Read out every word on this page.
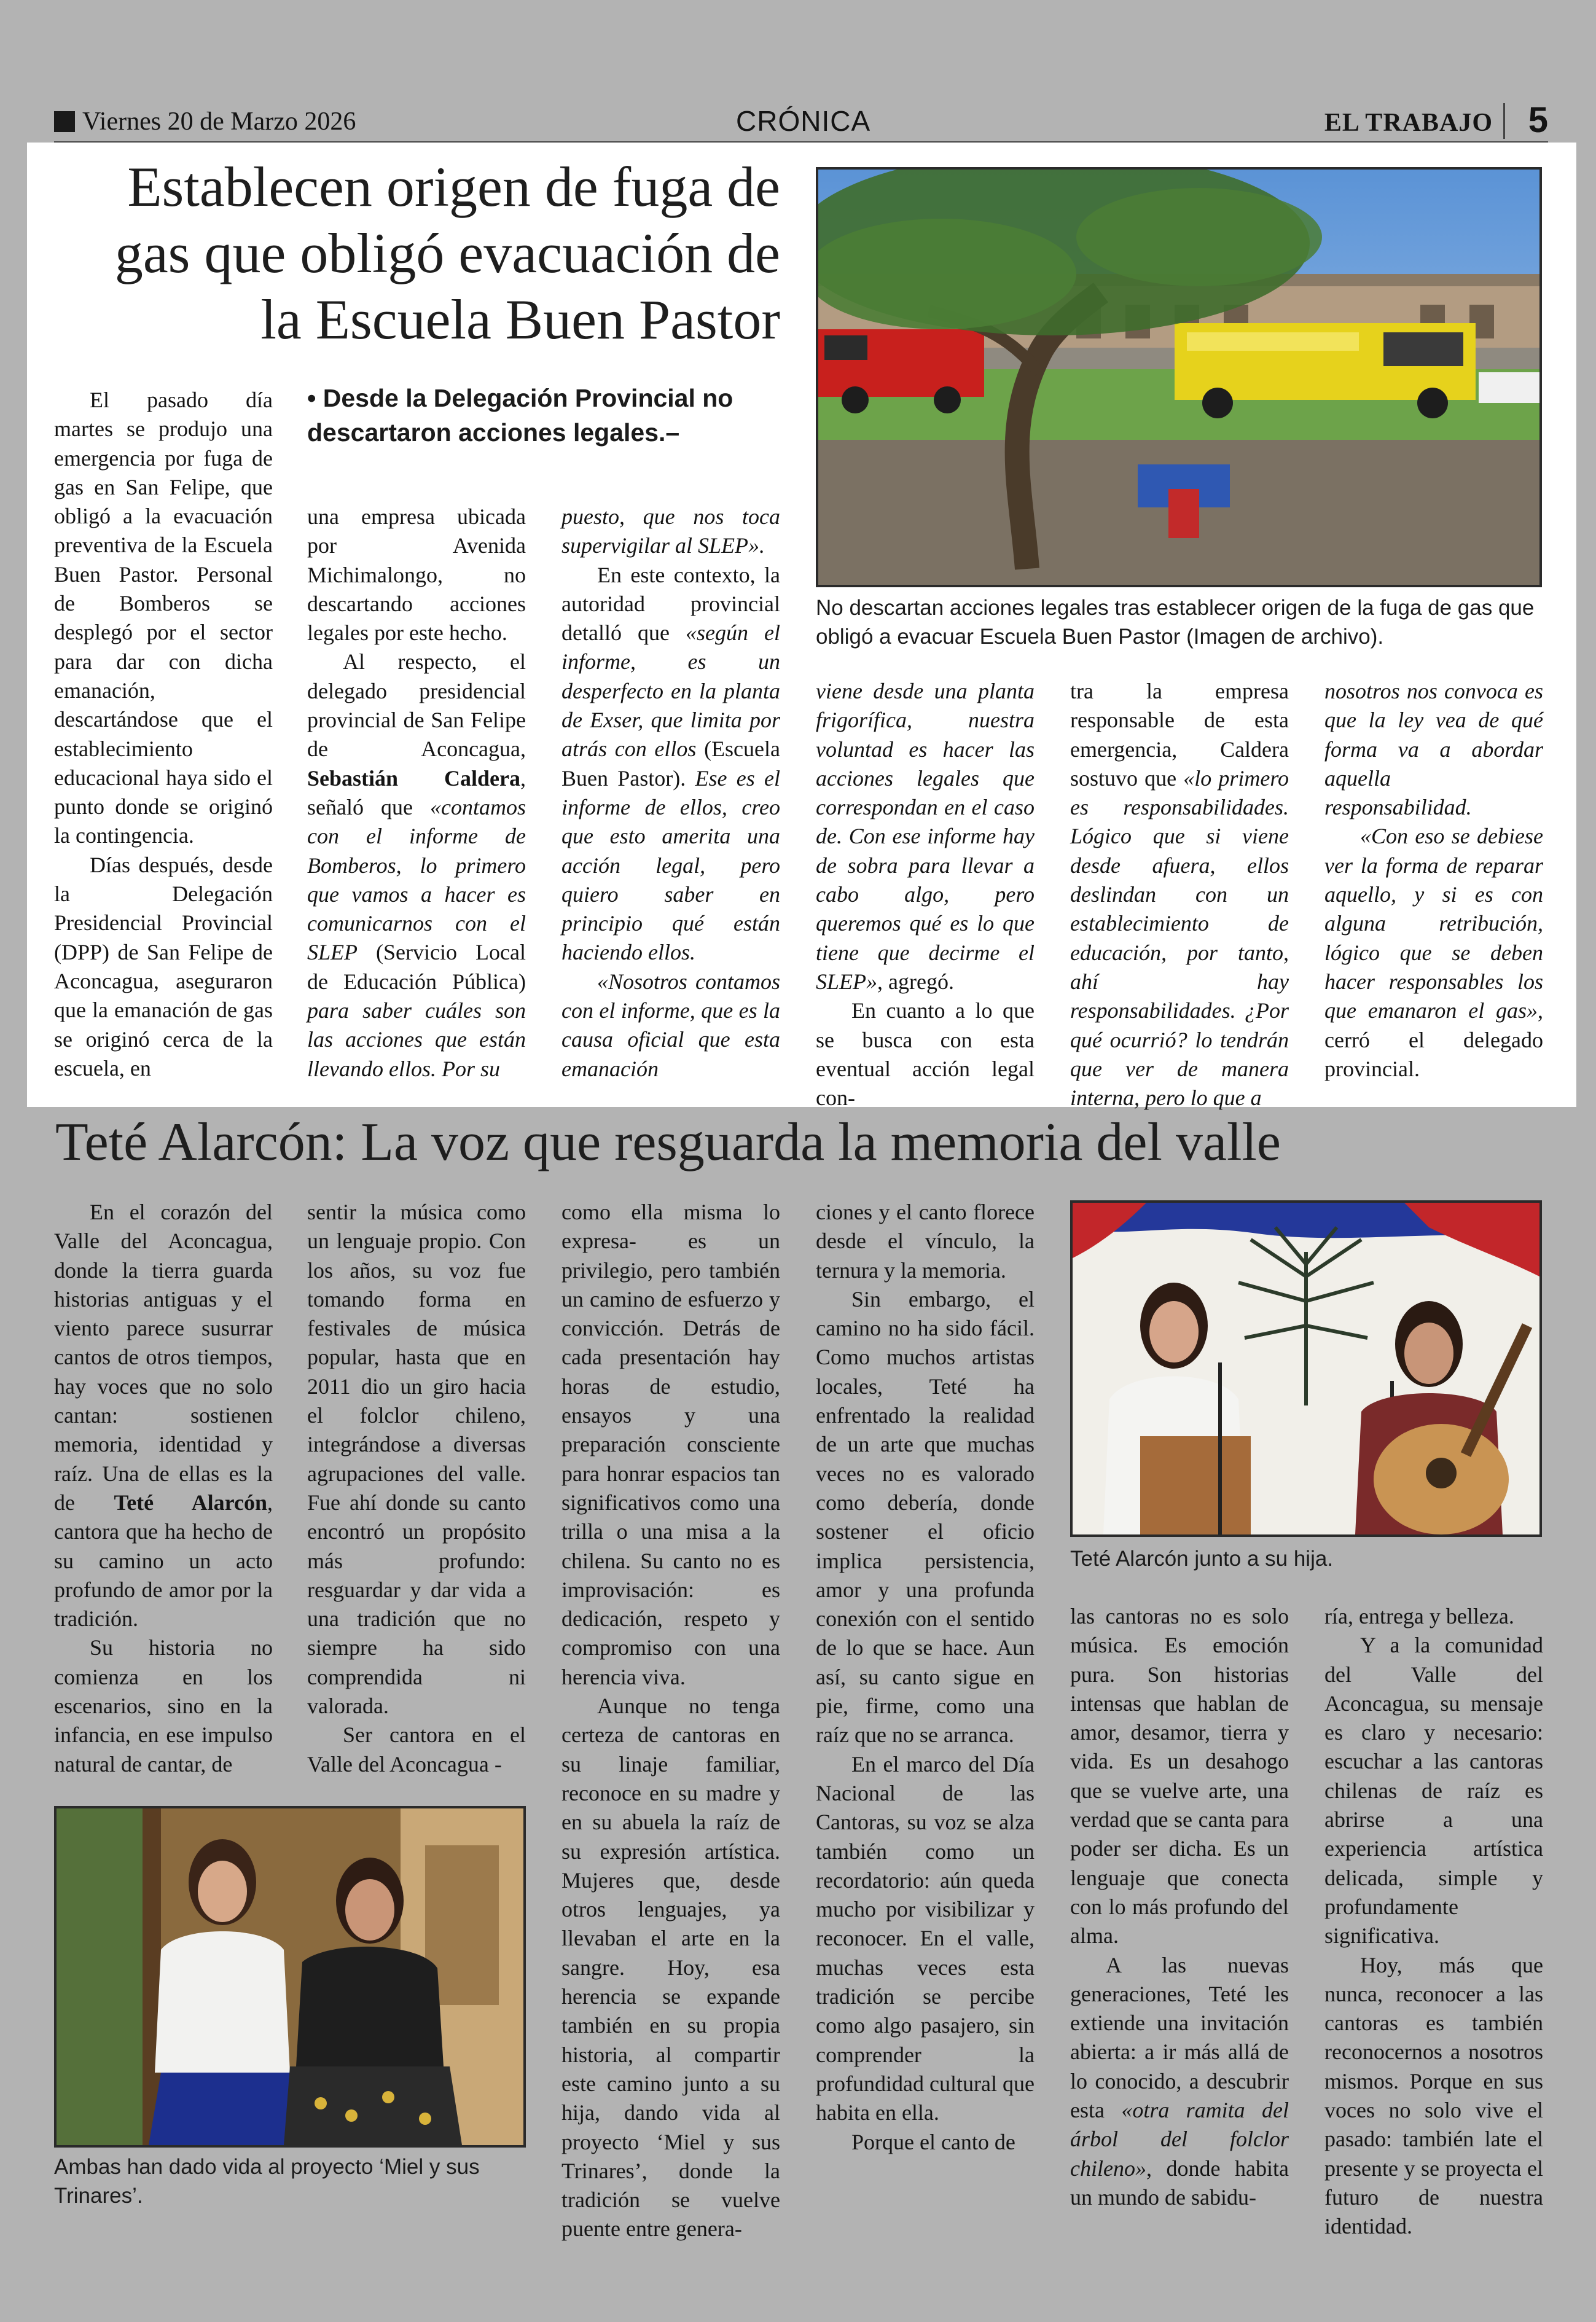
Viernes 20 de Marzo 2026	CRÓNICA	EL TRABAJO 5
Establecen origen de fuga de gas que obligó evacuación de la Escuela Buen Pastor
• Desde la Delegación Provincial no descartaron acciones legales.–
No descartan acciones legales tras establecer origen de la fuga de gas que obligó a evacuar Escuela Buen Pastor (Imagen de archivo).

El pasado día martes se produjo una emergencia por fuga de gas en San Felipe, que obligó a la evacuación preventiva de la Escuela Buen Pastor. Personal de Bomberos se desplegó por el sector para dar con dicha emanación, descartándose que el establecimiento educacional haya sido el punto donde se originó la contingencia.

Días después, desde la Delegación Presidencial Provincial (DPP) de San Felipe de Aconcagua, aseguraron que la emanación de gas se originó cerca de la escuela, en

una empresa ubicada por Avenida Michimalongo, no descartando acciones legales por este hecho.

Al respecto, el delegado presidencial provincial de San Felipe de Aconcagua, Sebastián Caldera, señaló que «contamos con el informe de Bomberos, lo primero que vamos a hacer es comunicarnos con el SLEP (Servicio Local de Educación Pública) para saber cuáles son las acciones que están llevando ellos. Por su

puesto, que nos toca supervigilar al SLEP».

En este contexto, la autoridad provincial detalló que «según el informe, es un desperfecto en la planta de Exser, que limita por atrás con ellos (Escuela Buen Pastor). Ese es el informe de ellos, creo que esto amerita una acción legal, pero quiero saber en principio qué están haciendo ellos.

«Nosotros contamos con el informe, que es la causa oficial que esta emanación

viene desde una planta frigorífica, nuestra voluntad es hacer las acciones legales que correspondan en el caso de. Con ese informe hay de sobra para llevar a cabo algo, pero queremos qué es lo que tiene que decirme el SLEP», agregó.

En cuanto a lo que se busca con esta eventual acción legal con-

tra la empresa responsable de esta emergencia, Caldera sostuvo que «lo primero es responsabilidades. Lógico que si viene desde afuera, ellos deslindan con un establecimiento de educación, por tanto, ahí hay responsabilidades. ¿Por qué ocurrió? lo tendrán que ver de manera interna, pero lo que a

nosotros nos convoca es que la ley vea de qué forma va a abordar aquella responsabilidad.

«Con eso se debiese ver la forma de reparar aquello, y si es con alguna retribución, lógico que se deben hacer responsables los que emanaron el gas», cerró el delegado provincial.

Teté Alarcón: La voz que resguarda la memoria del valle

En el corazón del Valle del Aconcagua, donde la tierra guarda historias antiguas y el viento parece susurrar cantos de otros tiempos, hay voces que no solo cantan: sostienen memoria, identidad y raíz. Una de ellas es la de Teté Alarcón, cantora que ha hecho de su camino un acto profundo de amor por la tradición.

Su historia no comienza en los escenarios, sino en la infancia, en ese impulso natural de cantar, de

sentir la música como un lenguaje propio. Con los años, su voz fue tomando forma en festivales de música popular, hasta que en 2011 dio un giro hacia el folclor chileno, integrándose a diversas agrupaciones del valle. Fue ahí donde su canto encontró un propósito más profundo: resguardar y dar vida a una tradición que no siempre ha sido comprendida ni valorada.

Ser cantora en el Valle del Aconcagua -

Ambas han dado vida al proyecto ‘Miel y sus Trinares’.

como ella misma lo expresa- es un privilegio, pero también un camino de esfuerzo y convicción. Detrás de cada presentación hay horas de estudio, ensayos y una preparación consciente para honrar espacios tan significativos como una trilla o una misa a la chilena. Su canto no es improvisación: es dedicación, respeto y compromiso con una herencia viva.

Aunque no tenga certeza de cantoras en su linaje familiar, reconoce en su madre y en su abuela la raíz de su expresión artística. Mujeres que, desde otros lenguajes, ya llevaban el arte en la sangre. Hoy, esa herencia se expande también en su propia historia, al compartir este camino junto a su hija, dando vida al proyecto ‘Miel y sus Trinares’, donde la tradición se vuelve puente entre genera-

ciones y el canto florece desde el vínculo, la ternura y la memoria.

Sin embargo, el camino no ha sido fácil. Como muchos artistas locales, Teté ha enfrentado la realidad de un arte que muchas veces no es valorado como debería, donde sostener el oficio implica persistencia, amor y una profunda conexión con el sentido de lo que se hace. Aun así, su canto sigue en pie, firme, como una raíz que no se arranca.

En el marco del Día Nacional de las Cantoras, su voz se alza también como un recordatorio: aún queda mucho por visibilizar y reconocer. En el valle, muchas veces esta tradición se percibe como algo pasajero, sin comprender la profundidad cultural que habita en ella.

Porque el canto de

Teté Alarcón junto a su hija.

las cantoras no es solo música. Es emoción pura. Son historias intensas que hablan de amor, desamor, tierra y vida. Es un desahogo que se vuelve arte, una verdad que se canta para poder ser dicha. Es un lenguaje que conecta con lo más profundo del alma.

A las nuevas generaciones, Teté les extiende una invitación abierta: a ir más allá de lo conocido, a descubrir esta «otra ramita del árbol del folclor chileno», donde habita un mundo de sabidu-

ría, entrega y belleza.

Y a la comunidad del Valle del Aconcagua, su mensaje es claro y necesario: escuchar a las cantoras chilenas de raíz es abrirse a una experiencia artística delicada, simple y profundamente significativa.

Hoy, más que nunca, reconocer a las cantoras es también reconocernos a nosotros mismos. Porque en sus voces no solo vive el pasado: también late el presente y se proyecta el futuro de nuestra identidad.
